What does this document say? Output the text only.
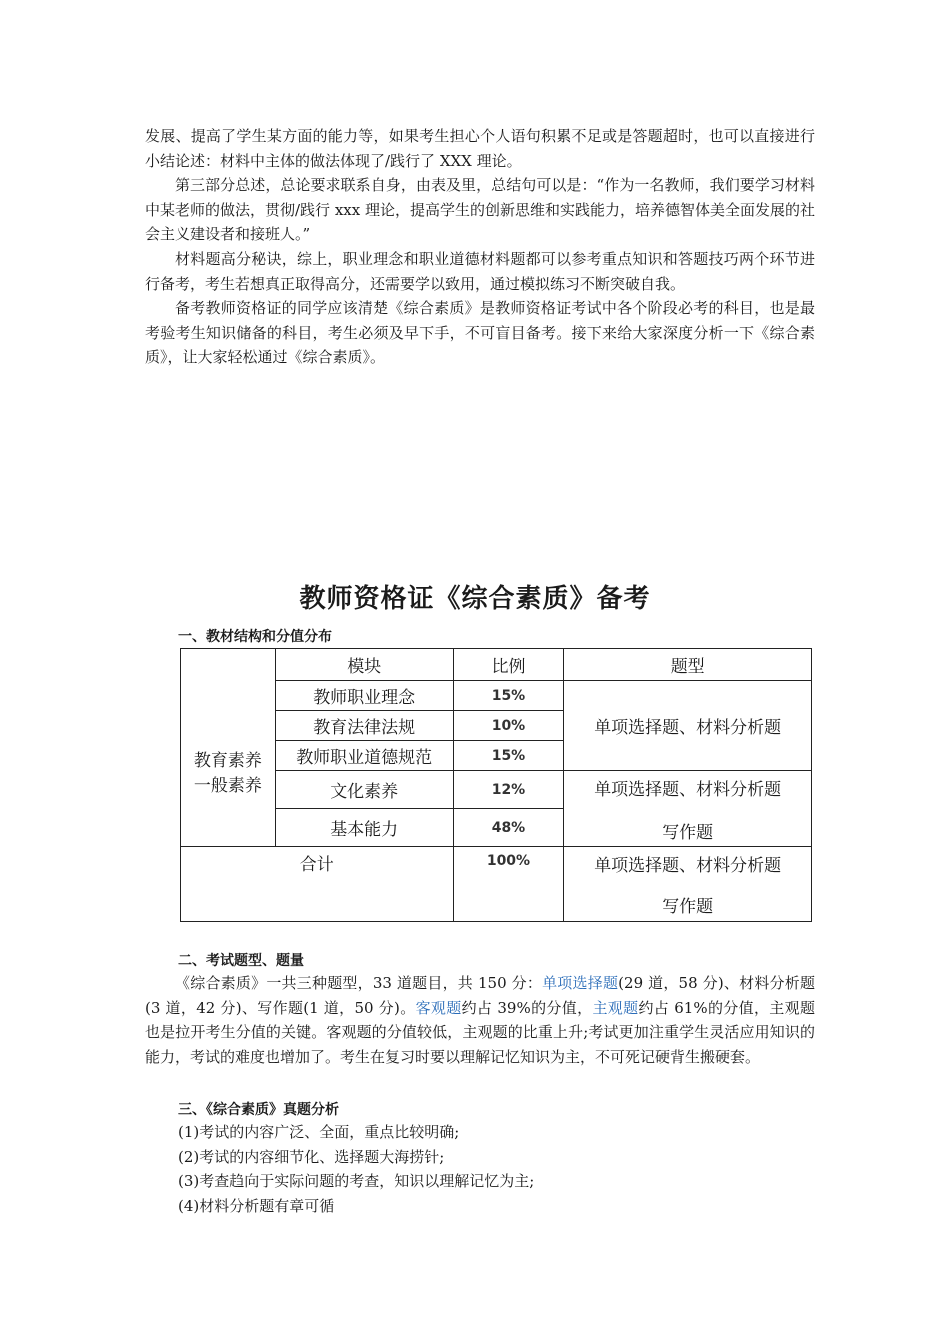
发展、提高了学生某方面的能力等，如果考生担心个人语句积累不足或是答题超时，也可以直接进行小结论述：材料中主体的做法体现了/践行了 XXX 理论。

第三部分总述，总论要求联系自身，由表及里，总结句可以是：“作为一名教师，我们要学习材料中某老师的做法，贯彻/践行 xxx 理论，提高学生的创新思维和实践能力，培养德智体美全面发展的社会主义建设者和接班人。”

材料题高分秘诀，综上，职业理念和职业道德材料题都可以参考重点知识和答题技巧两个环节进行备考，考生若想真正取得高分，还需要学以致用，通过模拟练习不断突破自我。

备考教师资格证的同学应该清楚《综合素质》是教师资格证考试中各个阶段必考的科目，也是最考验考生知识储备的科目，考生必须及早下手，不可盲目备考。接下来给大家深度分析一下《综合素质》，让大家轻松通过《综合素质》。

教师资格证《综合素质》备考
一、教材结构和分值分布
	模块	比例	题型
教育素养	教师职业理念	15%	单项选择题、材料分析题
	教育法律法规	10%	
	教师职业道德规范	15%	
一般素养	文化素养	12%	单项选择题、材料分析题
写作题

	基本能力	48%	
合计		100%	单项选择题、材料分析题
写作题
二、考试题型、题量

《综合素质》一共三种题型，33 道题目，共 150 分：单项选择题(29 道，58 分)、材料分析题(3 道，42 分)、写作题(1 道，50 分)。客观题约占 39%的分值，主观题约占 61%的分值，主观题也是拉开考生分值的关键。客观题的分值较低，主观题的比重上升;考试更加注重学生灵活应用知识的能力，考试的难度也增加了。考生在复习时要以理解记忆知识为主，不可死记硬背生搬硬套。

三、《综合素质》真题分析

(1)考试的内容广泛、全面，重点比较明确;

(2)考试的内容细节化、选择题大海捞针;

(3)考查趋向于实际问题的考查，知识以理解记忆为主;

(4)材料分析题有章可循
